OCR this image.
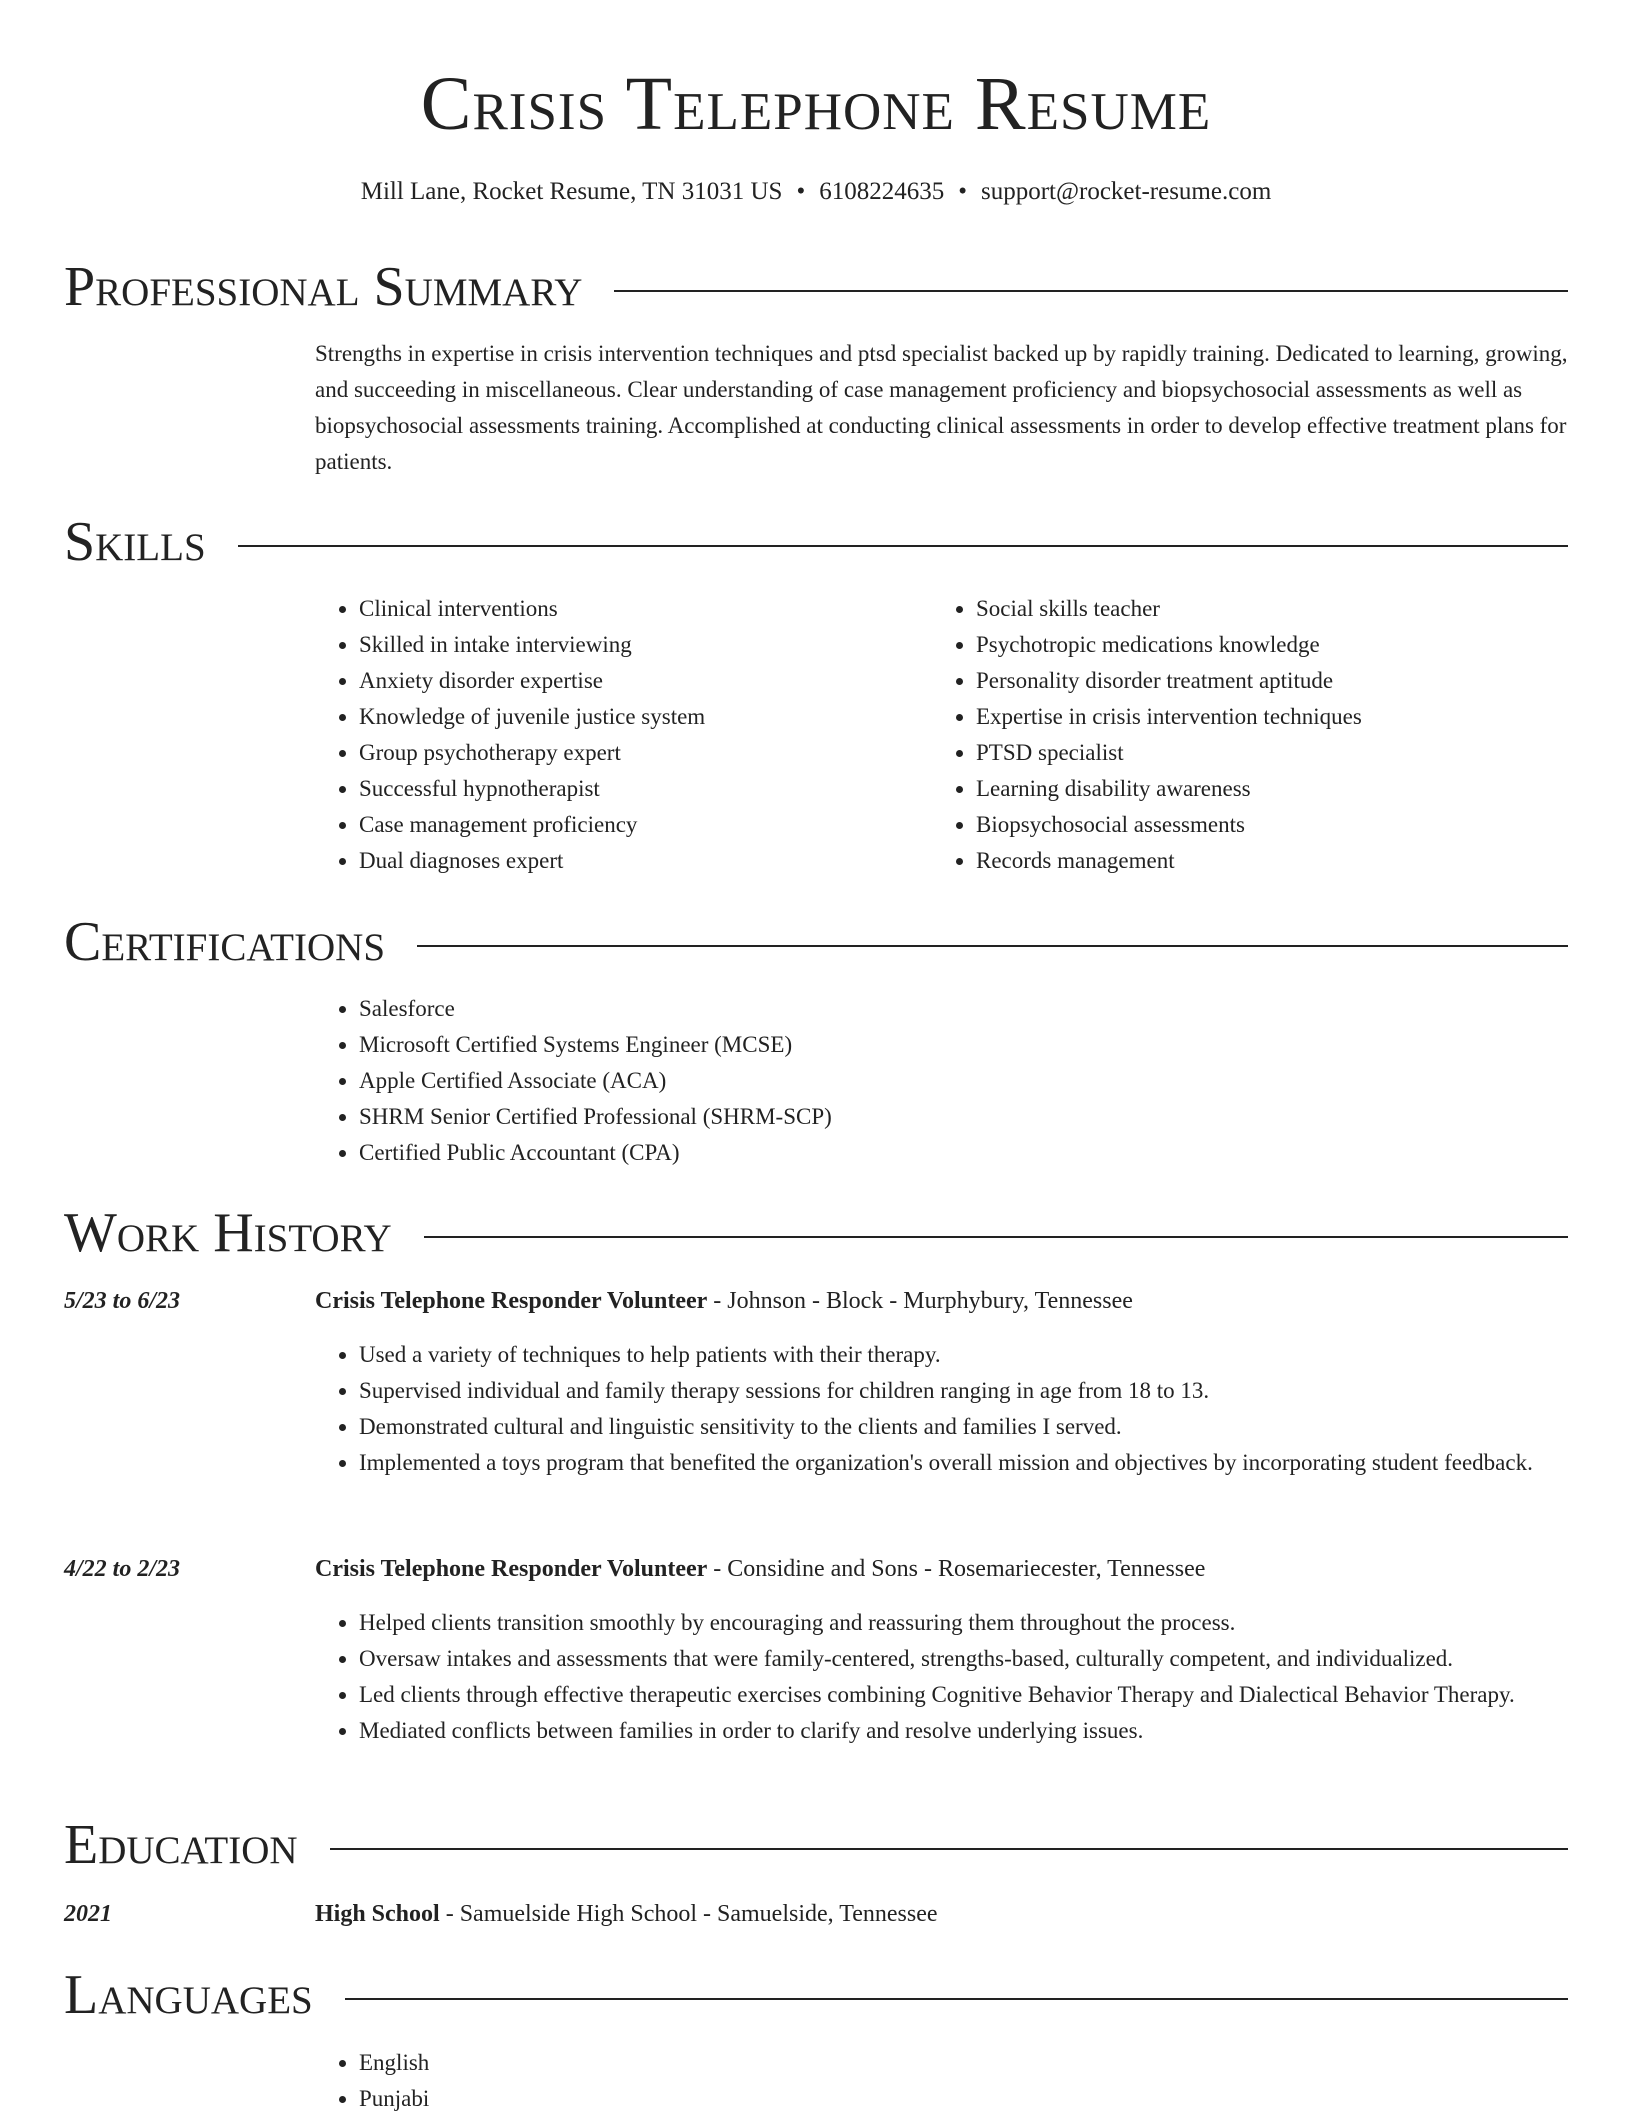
Crisis Telephone Resume
Mill Lane, Rocket Resume, TN 31031 US • 6108224635 • support@rocket-resume.com
Professional Summary
Strengths in expertise in crisis intervention techniques and ptsd specialist backed up by rapidly training. Dedicated to learning, growing, and succeeding in miscellaneous. Clear understanding of case management proficiency and biopsychosocial assessments as well as biopsychosocial assessments training. Accomplished at conducting clinical assessments in order to develop effective treatment plans for patients.
Skills
• Clinical interventions
• Skilled in intake interviewing
• Anxiety disorder expertise
• Knowledge of juvenile justice system
• Group psychotherapy expert
• Successful hypnotherapist
• Case management proficiency
• Dual diagnoses expert
• Social skills teacher
• Psychotropic medications knowledge
• Personality disorder treatment aptitude
• Expertise in crisis intervention techniques
• PTSD specialist
• Learning disability awareness
• Biopsychosocial assessments
• Records management
Certifications
• Salesforce
• Microsoft Certified Systems Engineer (MCSE)
• Apple Certified Associate (ACA)
• SHRM Senior Certified Professional (SHRM-SCP)
• Certified Public Accountant (CPA)
Work History
5/23 to 6/23	Crisis Telephone Responder Volunteer - Johnson - Block - Murphybury, Tennessee
• Used a variety of techniques to help patients with their therapy.
• Supervised individual and family therapy sessions for children ranging in age from 18 to 13.
• Demonstrated cultural and linguistic sensitivity to the clients and families I served.
• Implemented a toys program that benefited the organization's overall mission and objectives by incorporating student feedback.
4/22 to 2/23	Crisis Telephone Responder Volunteer - Considine and Sons - Rosemariecester, Tennessee
• Helped clients transition smoothly by encouraging and reassuring them throughout the process.
• Oversaw intakes and assessments that were family-centered, strengths-based, culturally competent, and individualized.
• Led clients through effective therapeutic exercises combining Cognitive Behavior Therapy and Dialectical Behavior Therapy.
• Mediated conflicts between families in order to clarify and resolve underlying issues.
Education
2021	High School - Samuelside High School - Samuelside, Tennessee
Languages
• English
• Punjabi
